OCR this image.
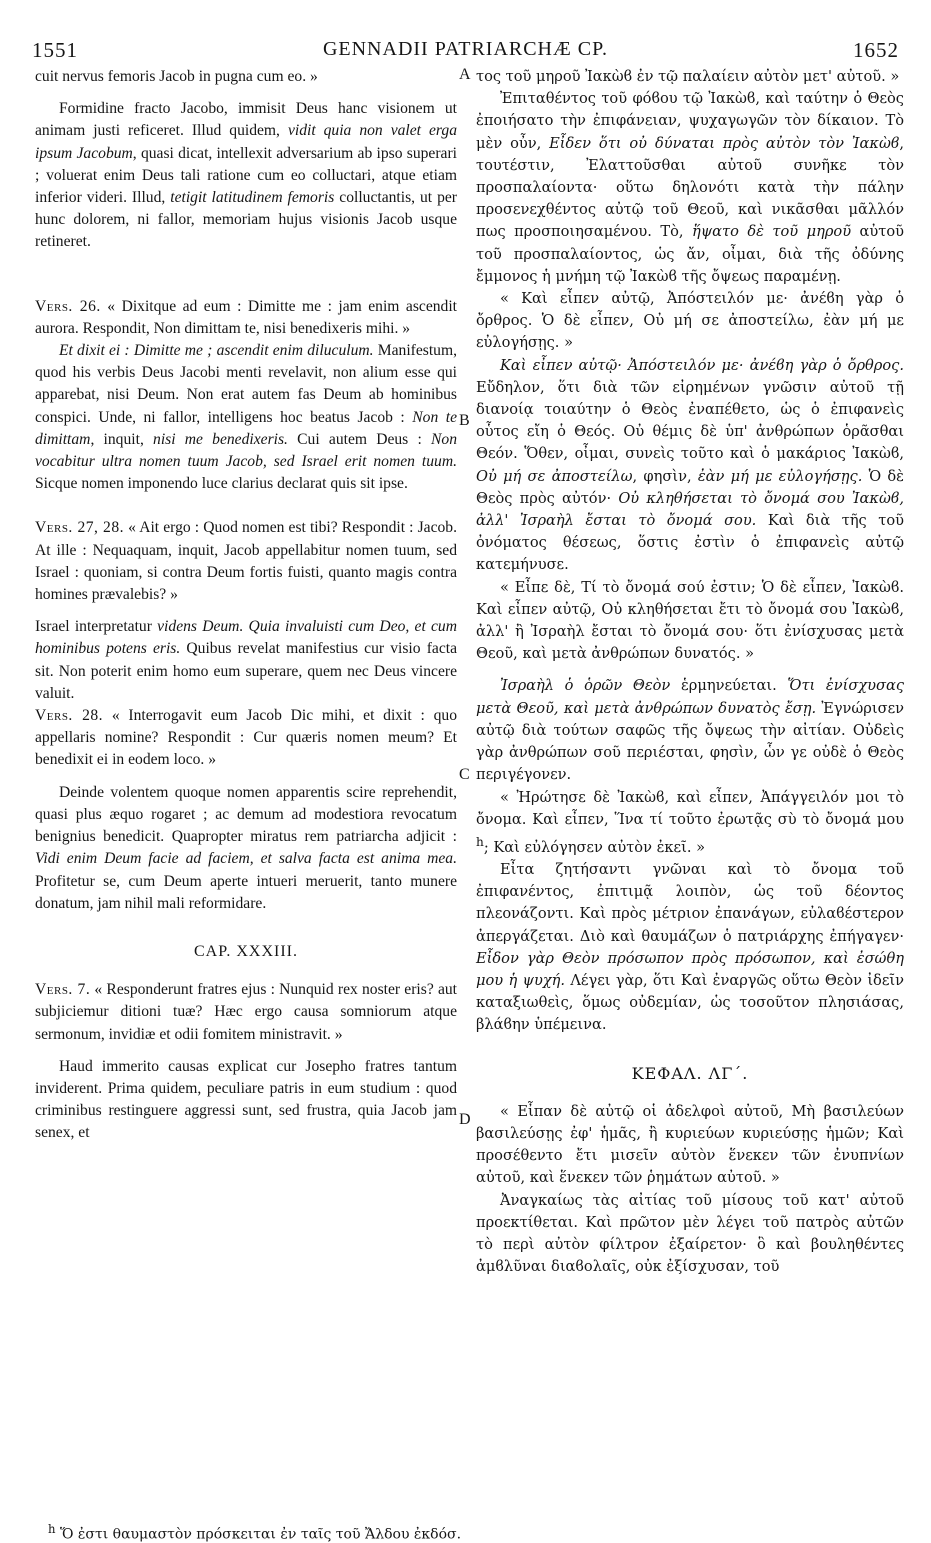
1551	GENNADII PATRIARCHÆ CP.	1652
A
B
C
D

cuit nervus femoris Jacob in pugna cum eo. »

Formidine fracto Jacobo, immisit Deus hanc visionem ut animam justi reficeret. Illud quidem, vidit quia non valet erga ipsum Jacobum, quasi dicat, intellexit adversarium ab ipso superari ; voluerat enim Deus tali ratione cum eo colluctari, atque etiam inferior videri. Illud, tetigit latitudinem femoris colluctantis, ut per hunc dolorem, ni fallor, memoriam hujus visionis Jacob usque retineret.

Vers. 26. « Dixitque ad eum : Dimitte me : jam enim ascendit aurora. Respondit, Non dimittam te, nisi benedixeris mihi. »

Et dixit ei : Dimitte me ; ascendit enim diluculum. Manifestum, quod his verbis Deus Jacobi menti revelavit, non alium esse qui apparebat, nisi Deum. Non erat autem fas Deum ab hominibus conspici. Unde, ni fallor, intelligens hoc beatus Jacob : Non te dimittam, inquit, nisi me benedixeris. Cui autem Deus : Non vocabitur ultra nomen tuum Jacob, sed Israel erit nomen tuum. Sicque nomen imponendo luce clarius declarat quis sit ipse.

Vers. 27, 28. « Ait ergo : Quod nomen est tibi? Respondit : Jacob. At ille : Nequaquam, inquit, Jacob appellabitur nomen tuum, sed Israel : quoniam, si contra Deum fortis fuisti, quanto magis contra homines prævalebis? »

Israel interpretatur videns Deum. Quia invaluisti cum Deo, et cum hominibus potens eris. Quibus revelat manifestius cur visio facta sit. Non poterit enim homo eum superare, quem nec Deus vincere valuit.

Vers. 28. « Interrogavit eum Jacob Dic mihi, et dixit : quo appellaris nomine? Respondit : Cur quæris nomen meum? Et benedixit ei in eodem loco. »

Deinde volentem quoque nomen apparentis scire reprehendit, quasi plus æquo rogaret ; ac demum ad modestiora revocatum benignius benedicit. Quapropter miratus rem patriarcha adjicit : Vidi enim Deum facie ad faciem, et salva facta est anima mea. Profitetur se, cum Deum aperte intueri meruerit, tanto munere donatum, jam nihil mali reformidare.

CAP. XXXIII.

Vers. 7. « Responderunt fratres ejus : Nunquid rex noster eris? aut subjiciemur ditioni tuæ? Hæc ergo causa somniorum atque sermonum, invidiæ et odii fomitem ministravit. »

Haud immerito causas explicat cur Josepho fratres tantum inviderent. Prima quidem, peculiare patris in eum studium : quod criminibus restinguere aggressi sunt, sed frustra, quia Jacob jam senex, et

τος τοῦ μηροῦ Ἰακὼϐ ἐν τῷ παλαίειν αὐτὸν μετ' αὐτοῦ. »

Ἐπιταθέντος τοῦ φόϐου τῷ Ἰακὼϐ, καὶ ταύτην ὁ Θεὸς ἐποιήσατο τὴν ἐπιφάνειαν, ψυχαγωγῶν τὸν δίκαιον. Τὸ μὲν οὖν, Εἶδεν ὅτι οὐ δύναται πρὸς αὐτὸν τὸν Ἰακὼϐ, τουτέστιν, Ἐλαττοῦσθαι αὐτοῦ συνῆκε τὸν προσπαλαίοντα· οὕτω δηλονότι κατὰ τὴν πάλην προσενεχθέντος αὐτῷ τοῦ Θεοῦ, καὶ νικᾶσθαι μᾶλλόν πως προσποιησαμένου. Τὸ, ἥψατο δὲ τοῦ μηροῦ αὐτοῦ τοῦ προσπαλαίοντος, ὡς ἄν, οἶμαι, διὰ τῆς ὀδύνης ἔμμονος ἡ μνήμη τῷ Ἰακὼϐ τῆς ὄψεως παραμένῃ.

« Καὶ εἶπεν αὐτῷ, Ἀπόστειλόν με· ἀνέϐη γὰρ ὁ ὄρθρος. Ὁ δὲ εἶπεν, Οὐ μή σε ἀποστείλω, ἐὰν μή με εὐλογήσῃς. »

Καὶ εἶπεν αὐτῷ· Ἀπόστειλόν με· ἀνέϐη γὰρ ὁ ὄρθρος. Εὔδηλον, ὅτι διὰ τῶν εἰρημένων γνῶσιν αὐτοῦ τῇ διανοίᾳ τοιαύτην ὁ Θεὸς ἐναπέθετο, ὡς ὁ ἐπιφανεὶς οὗτος εἴη ὁ Θεός. Οὐ θέμις δὲ ὑπ' ἀνθρώπων ὁρᾶσθαι Θεόν. Ὅθεν, οἶμαι, συνεὶς τοῦτο καὶ ὁ μακάριος Ἰακὼϐ, Οὐ μή σε ἀποστείλω, φησὶν, ἐὰν μή με εὐλογήσῃς. Ὁ δὲ Θεὸς πρὸς αὐτόν· Οὐ κληθήσεται τὸ ὄνομά σου Ἰακὼϐ, ἀλλ' Ἰσραὴλ ἔσται τὸ ὄνομά σου. Καὶ διὰ τῆς τοῦ ὀνόματος θέσεως, ὅστις ἐστὶν ὁ ἐπιφανεὶς αὐτῷ κατεμήνυσε.

« Εἶπε δὲ, Τί τὸ ὄνομά σού ἐστιν; Ὁ δὲ εἶπεν, Ἰακὼϐ. Καὶ εἶπεν αὐτῷ, Οὐ κληθήσεται ἔτι τὸ ὄνομά σου Ἰακὼϐ, ἀλλ' ἢ Ἰσραὴλ ἔσται τὸ ὄνομά σου· ὅτι ἐνίσχυσας μετὰ Θεοῦ, καὶ μετὰ ἀνθρώπων δυνατός. »

Ἰσραὴλ ὁ ὁρῶν Θεὸν ἑρμηνεύεται. Ὅτι ἐνίσχυσας μετὰ Θεοῦ, καὶ μετὰ ἀνθρώπων δυνατὸς ἔσῃ. Ἐγνώρισεν αὐτῷ διὰ τούτων σαφῶς τῆς ὄψεως τὴν αἰτίαν. Οὐδεὶς γὰρ ἀνθρώπων σοῦ περιέσται, φησὶν, ὧν γε οὐδὲ ὁ Θεὸς περιγέγονεν.

« Ἠρώτησε δὲ Ἰακὼϐ, καὶ εἶπεν, Ἀπάγγειλόν μοι τὸ ὄνομα. Καὶ εἶπεν, Ἵνα τί τοῦτο ἐρωτᾷς σὺ τὸ ὄνομά μου $^h$; Καὶ εὐλόγησεν αὐτὸν ἐκεῖ. »

Εἶτα ζητήσαντι γνῶναι καὶ τὸ ὄνομα τοῦ ἐπιφανέντος, ἐπιτιμᾷ λοιπὸν, ὡς τοῦ δέοντος πλεονάζοντι. Καὶ πρὸς μέτριον ἐπανάγων, εὐλαϐέστερον ἀπεργάζεται. Διὸ καὶ θαυμάζων ὁ πατριάρχης ἐπήγαγεν· Εἶδον γὰρ Θεὸν πρόσωπον πρὸς πρόσωπον, καὶ ἐσώθη μου ἡ ψυχή. Λέγει γὰρ, ὅτι Καὶ ἐναργῶς οὕτω Θεὸν ἰδεῖν καταξιωθεὶς, ὅμως οὐδεμίαν, ὡς τοσοῦτον πλησιάσας, βλάϐην ὑπέμεινα.

ΚΕΦΑΛ. ΛΓ΄.

« Εἶπαν δὲ αὐτῷ οἱ ἀδελφοὶ αὐτοῦ, Μὴ βασιλεύων βασιλεύσῃς ἐφ' ἡμᾶς, ἢ κυριεύων κυριεύσῃς ἡμῶν; Καὶ προσέθεντο ἔτι μισεῖν αὐτὸν ἕνεκεν τῶν ἐνυπνίων αὐτοῦ, καὶ ἕνεκεν τῶν ῥημάτων αὐτοῦ. »

Ἀναγκαίως τὰς αἰτίας τοῦ μίσους τοῦ κατ' αὐτοῦ προεκτίθεται. Καὶ πρῶτον μὲν λέγει τοῦ πατρὸς αὐτῶν τὸ περὶ αὐτὸν φίλτρον ἐξαίρετον· ὃ καὶ βουληθέντες ἀμϐλῦναι διαϐολαῖς, οὐκ ἐξίσχυσαν, τοῦ

$^h$ Ὅ ἐστι θαυμαστὸν πρόσκειται ἐν ταῖς τοῦ Ἄλδου ἐκδόσ.
